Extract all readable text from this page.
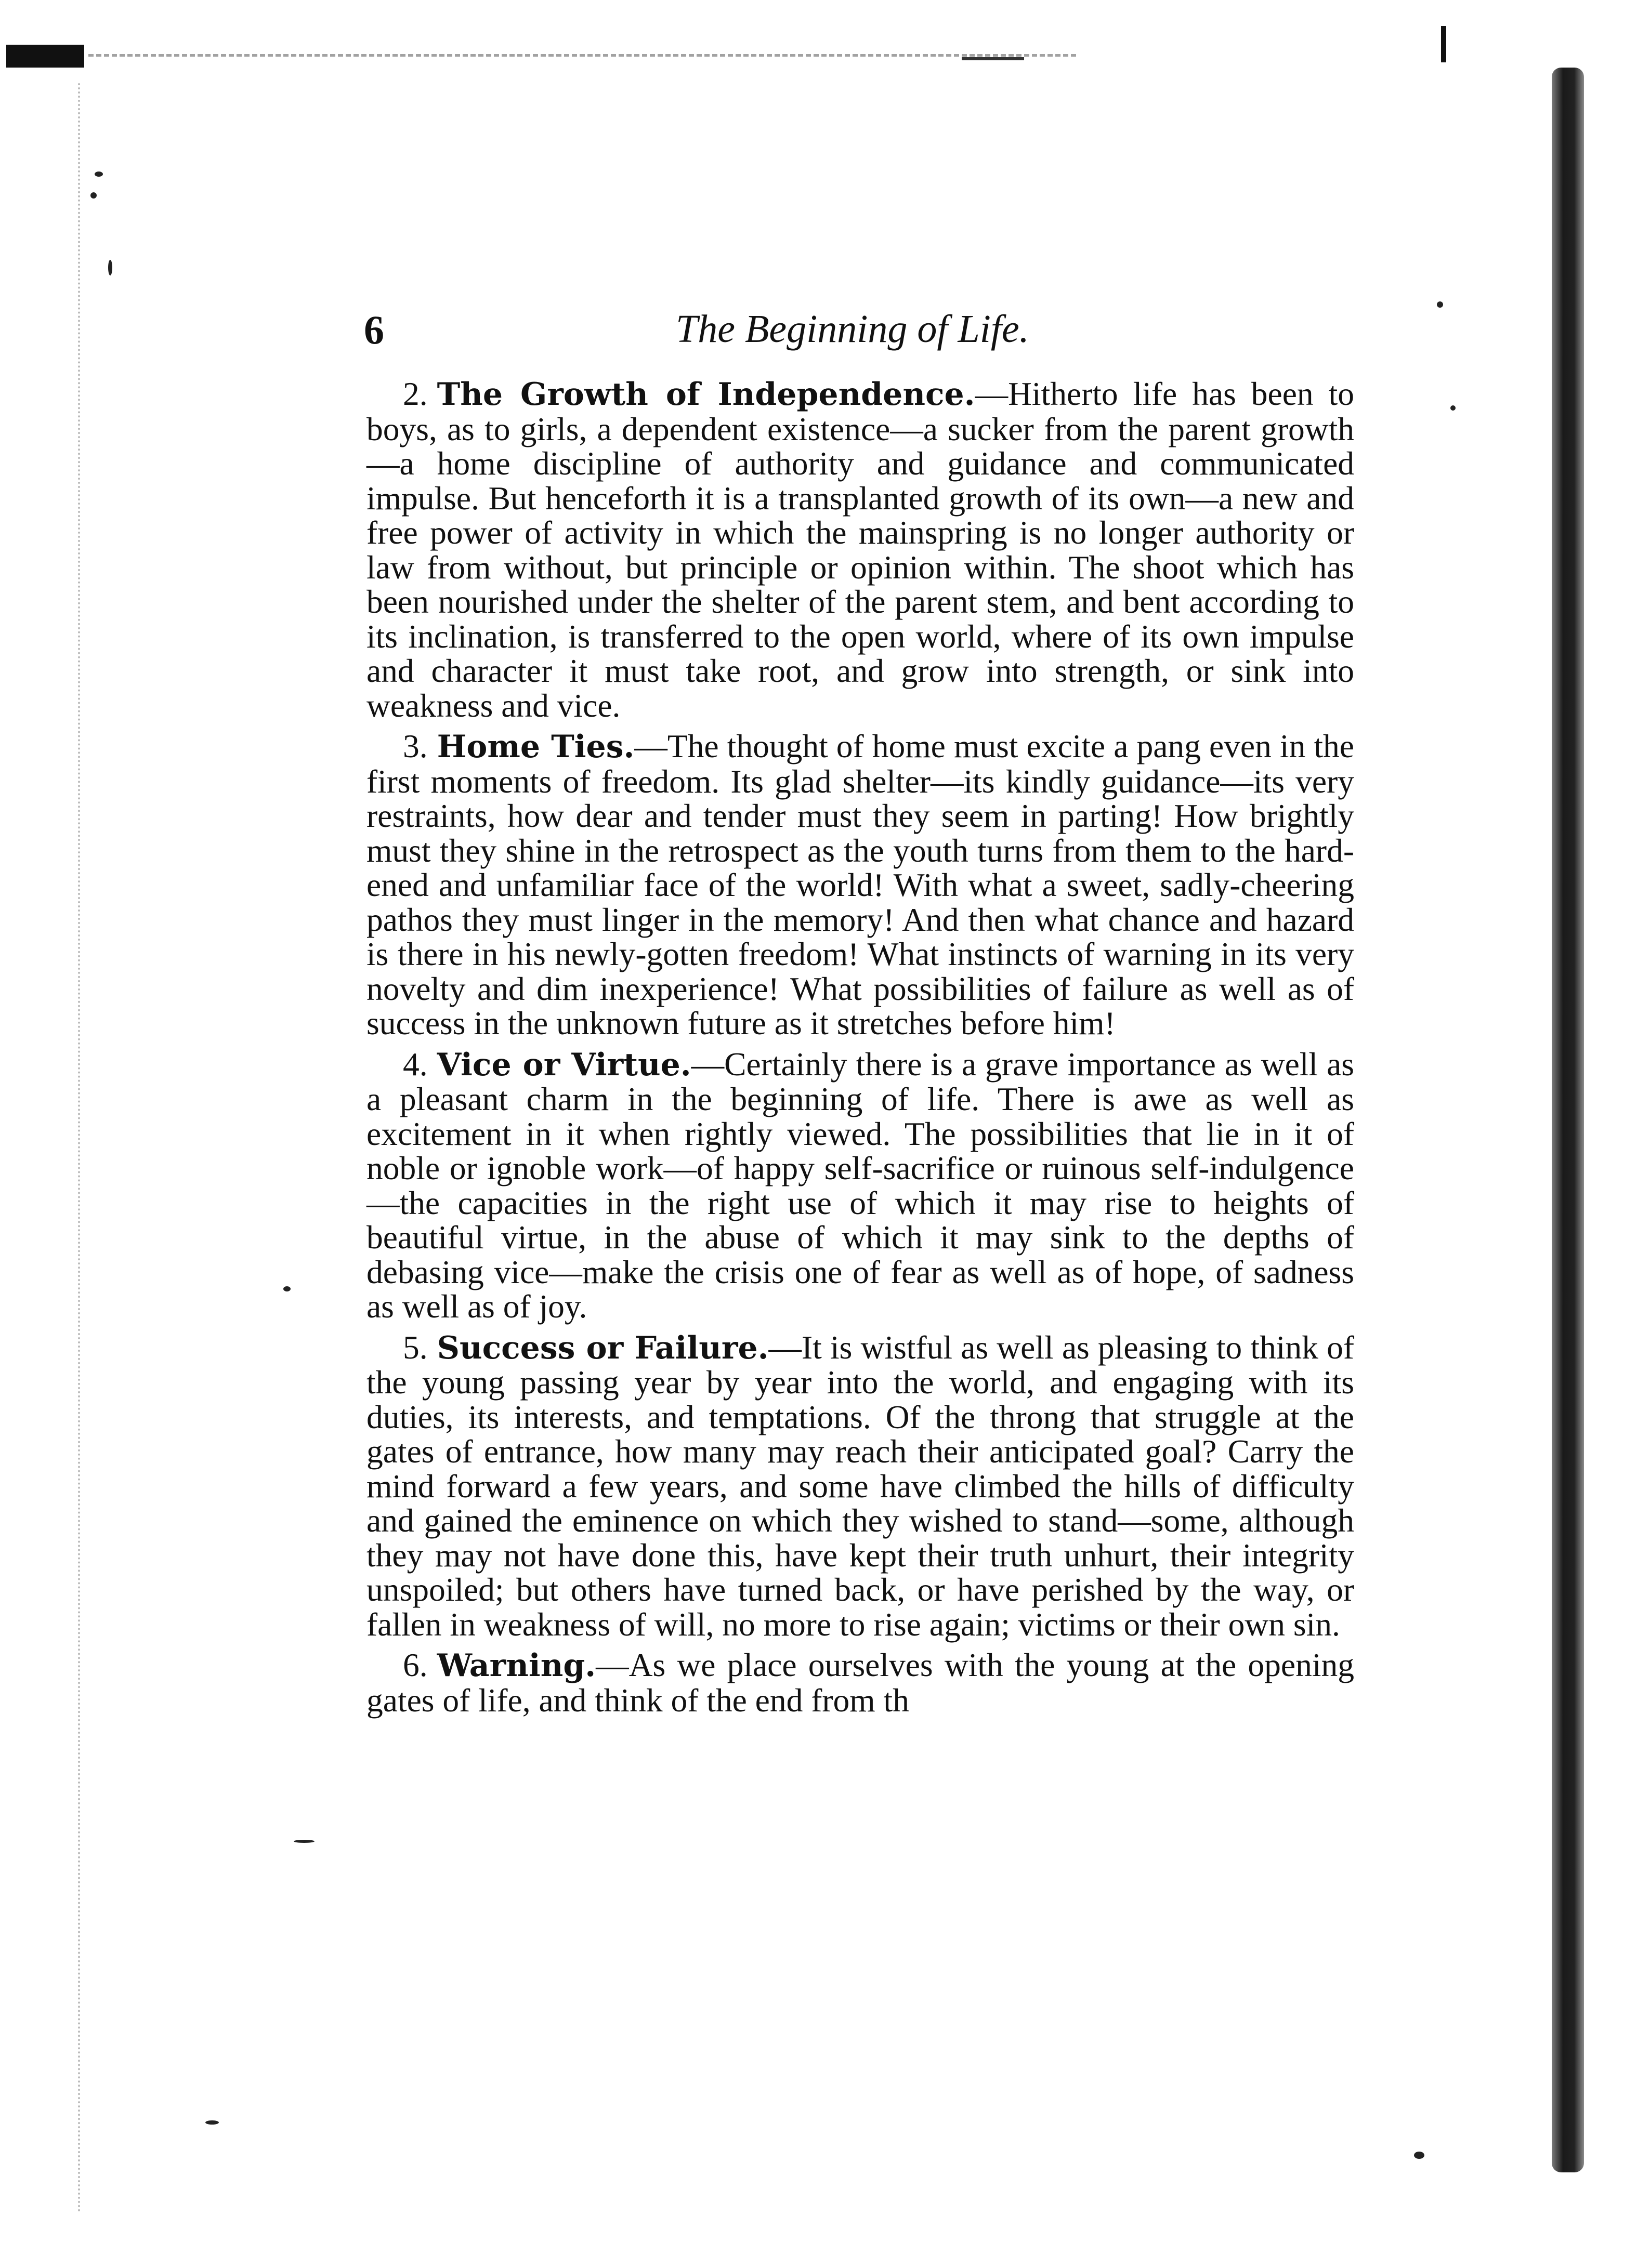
6	The Beginning of Life.

2. The Growth of Independence.—Hitherto life has been to boys, as to girls, a dependent existence—a sucker from the parent growth—a home discipline of authority and guidance and communicated impulse. But henceforth it is a transplanted growth of its own—a new and free power of activity in which the mainspring is no longer authority or law from without, but principle or opinion within. The shoot which has been nourished under the shelter of the parent stem, and bent according to its inclination, is transferred to the open world, where of its own impulse and character it must take root, and grow into strength, or sink into weakness and vice.

3. Home Ties.—The thought of home must excite a pang even in the first moments of freedom. Its glad shelter—its kindly guidance—its very restraints, how dear and tender must they seem in parting! How brightly must they shine in the retrospect as the youth turns from them to the hardened and unfamiliar face of the world! With what a sweet, sadly-cheering pathos they must linger in the memory! And then what chance and hazard is there in his newly-gotten freedom! What instincts of warning in its very novelty and dim inexperience! What possibilities of failure as well as of success in the unknown future as it stretches before him!

4. Vice or Virtue.—Certainly there is a grave importance as well as a pleasant charm in the beginning of life. There is awe as well as excitement in it when rightly viewed. The possibilities that lie in it of noble or ignoble work—of happy self-sacrifice or ruinous self-indulgence—the capacities in the right use of which it may rise to heights of beautiful virtue, in the abuse of which it may sink to the depths of debasing vice—make the crisis one of fear as well as of hope, of sadness as well as of joy.

5. Success or Failure.—It is wistful as well as pleasing to think of the young passing year by year into the world, and engaging with its duties, its interests, and temptations. Of the throng that struggle at the gates of entrance, how many may reach their anticipated goal? Carry the mind forward a few years, and some have climbed the hills of difficulty and gained the eminence on which they wished to stand—some, although they may not have done this, have kept their truth unhurt, their integrity unspoiled; but others have turned back, or have perished by the way, or fallen in weakness of will, no more to rise again; victims or their own sin.

6. Warning.—As we place ourselves with the young at the opening gates of life, and think of the end from th
